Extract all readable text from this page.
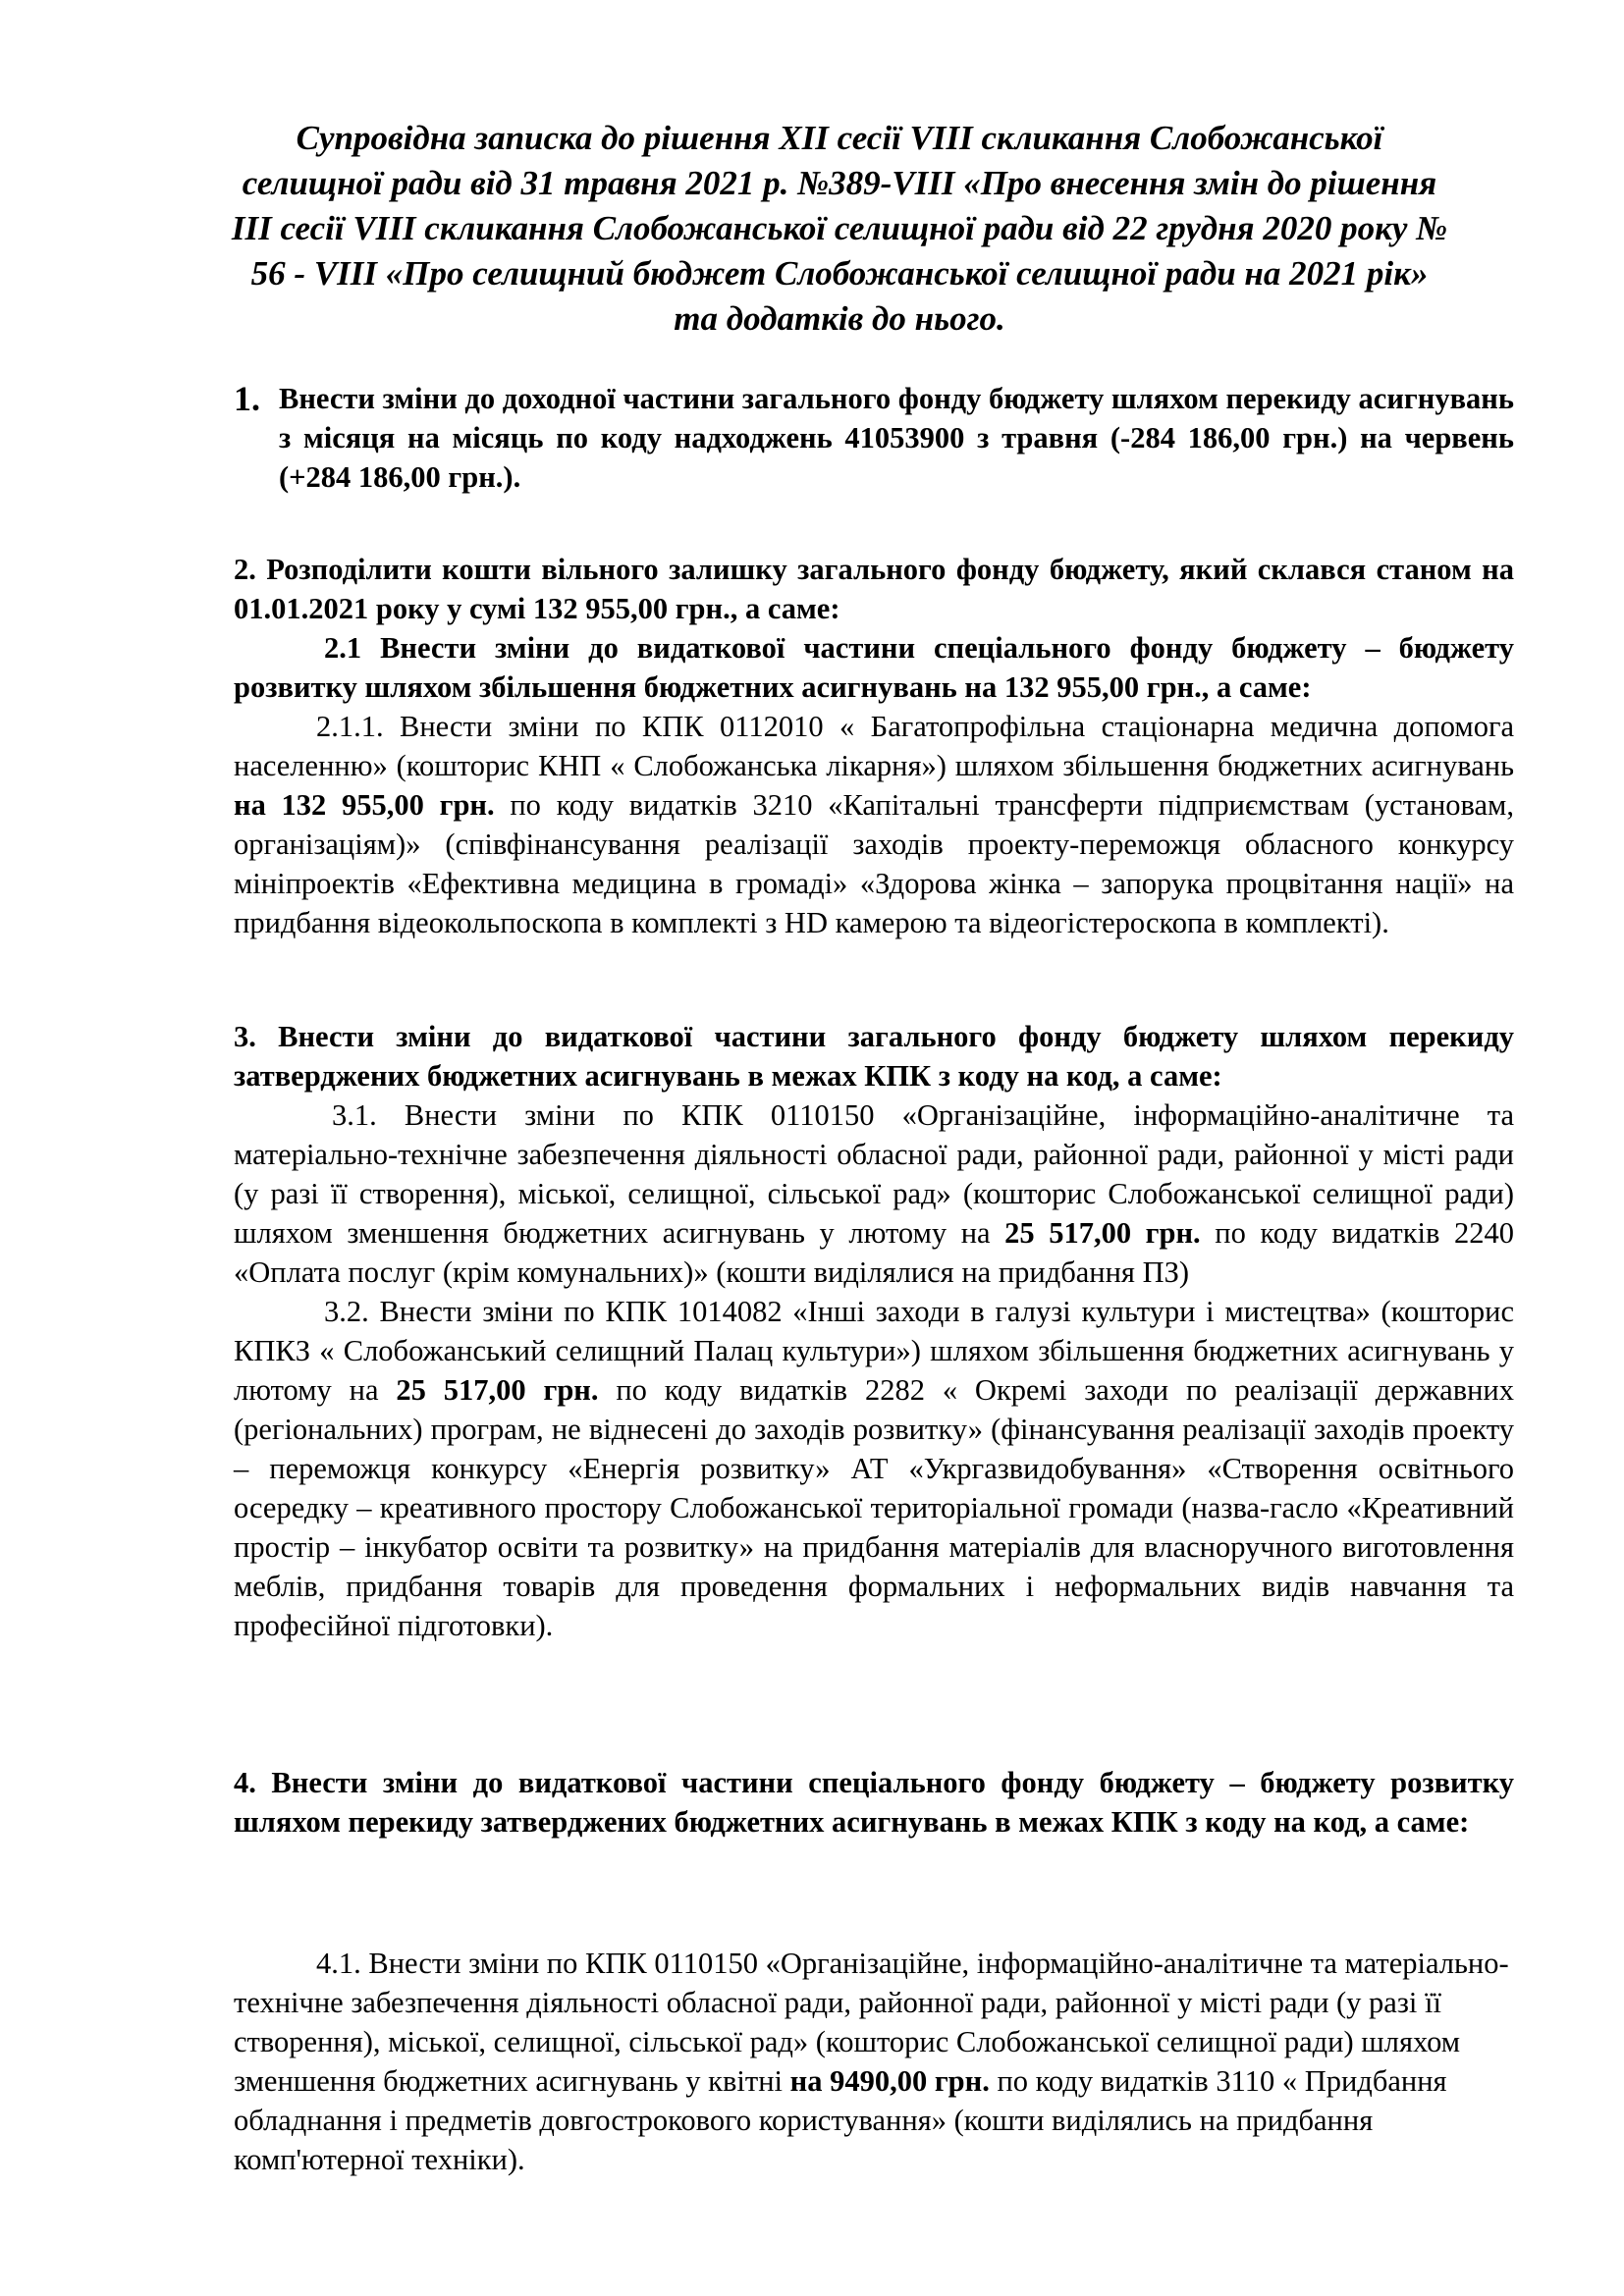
Супровідна записка до рішення ХІІ сесії VIII скликання Слобожанської селищної ради від 31 травня 2021 р. №389-VIII «Про внесення змін до рішення ІІІ сесії VIII скликання Слобожанської селищної ради від 22 грудня 2020 року № 56 - VIII «Про селищний бюджет Слобожанської селищної ради на 2021 рік» та додатків до нього.
1. Внести зміни до доходної частини загального фонду бюджету шляхом перекиду асигнувань з місяця на місяць по коду надходжень 41053900 з травня (-284 186,00 грн.) на червень (+284 186,00 грн.).

2. Розподілити кошти вільного залишку загального фонду бюджету, який склався станом на 01.01.2021 року у сумі 132 955,00 грн., а саме:

2.1 Внести зміни до видаткової частини спеціального фонду бюджету – бюджету розвитку шляхом збільшення бюджетних асигнувань на 132 955,00 грн., а саме:

2.1.1. Внести зміни по КПК 0112010 « Багатопрофільна стаціонарна медична допомога населенню» (кошторис КНП « Слобожанська лікарня») шляхом збільшення бюджетних асигнувань на 132 955,00 грн. по коду видатків 3210 «Капітальні трансферти підприємствам (установам, організаціям)» (співфінансування реалізації заходів проекту-переможця обласного конкурсу мініпроектів «Ефективна медицина в громаді» «Здорова жінка – запорука процвітання нації» на придбання відеокольпоскопа в комплекті з HD камерою та відеогістероскопа в комплекті).

3. Внести зміни до видаткової частини загального фонду бюджету шляхом перекиду затверджених бюджетних асигнувань в межах КПК з коду на код, а саме:

3.1. Внести зміни по КПК 0110150 «Організаційне, інформаційно-аналітичне та матеріально-технічне забезпечення діяльності обласної ради, районної ради, районної у місті ради (у разі її створення), міської, селищної, сільської рад» (кошторис Слобожанської селищної ради) шляхом зменшення бюджетних асигнувань у лютому на 25 517,00 грн. по коду видатків 2240 «Оплата послуг (крім комунальних)» (кошти виділялися на придбання ПЗ)

3.2. Внести зміни по КПК 1014082 «Інші заходи в галузі культури і мистецтва» (кошторис КПКЗ « Слобожанський селищний Палац культури») шляхом збільшення бюджетних асигнувань у лютому на 25 517,00 грн. по коду видатків 2282 « Окремі заходи по реалізації державних (регіональних) програм, не віднесені до заходів розвитку» (фінансування реалізації заходів проекту – переможця конкурсу «Енергія розвитку» АТ «Укргазвидобування» «Створення освітнього осередку – креативного простору Слобожанської територіальної громади (назва-гасло «Креативний простір – інкубатор освіти та розвитку» на придбання матеріалів для власноручного виготовлення меблів, придбання товарів для проведення формальних і неформальних видів навчання та професійної підготовки).

4. Внести зміни до видаткової частини спеціального фонду бюджету – бюджету розвитку шляхом перекиду затверджених бюджетних асигнувань в межах КПК з коду на код, а саме:

4.1. Внести зміни по КПК 0110150 «Організаційне, інформаційно-аналітичне та матеріально-технічне забезпечення діяльності обласної ради, районної ради, районної у місті ради (у разі її створення), міської, селищної, сільської рад» (кошторис Слобожанської селищної ради) шляхом зменшення бюджетних асигнувань у квітні на 9490,00 грн. по коду видатків 3110 « Придбання обладнання і предметів довгострокового користування» (кошти виділялись на придбання комп'ютерної техніки).
